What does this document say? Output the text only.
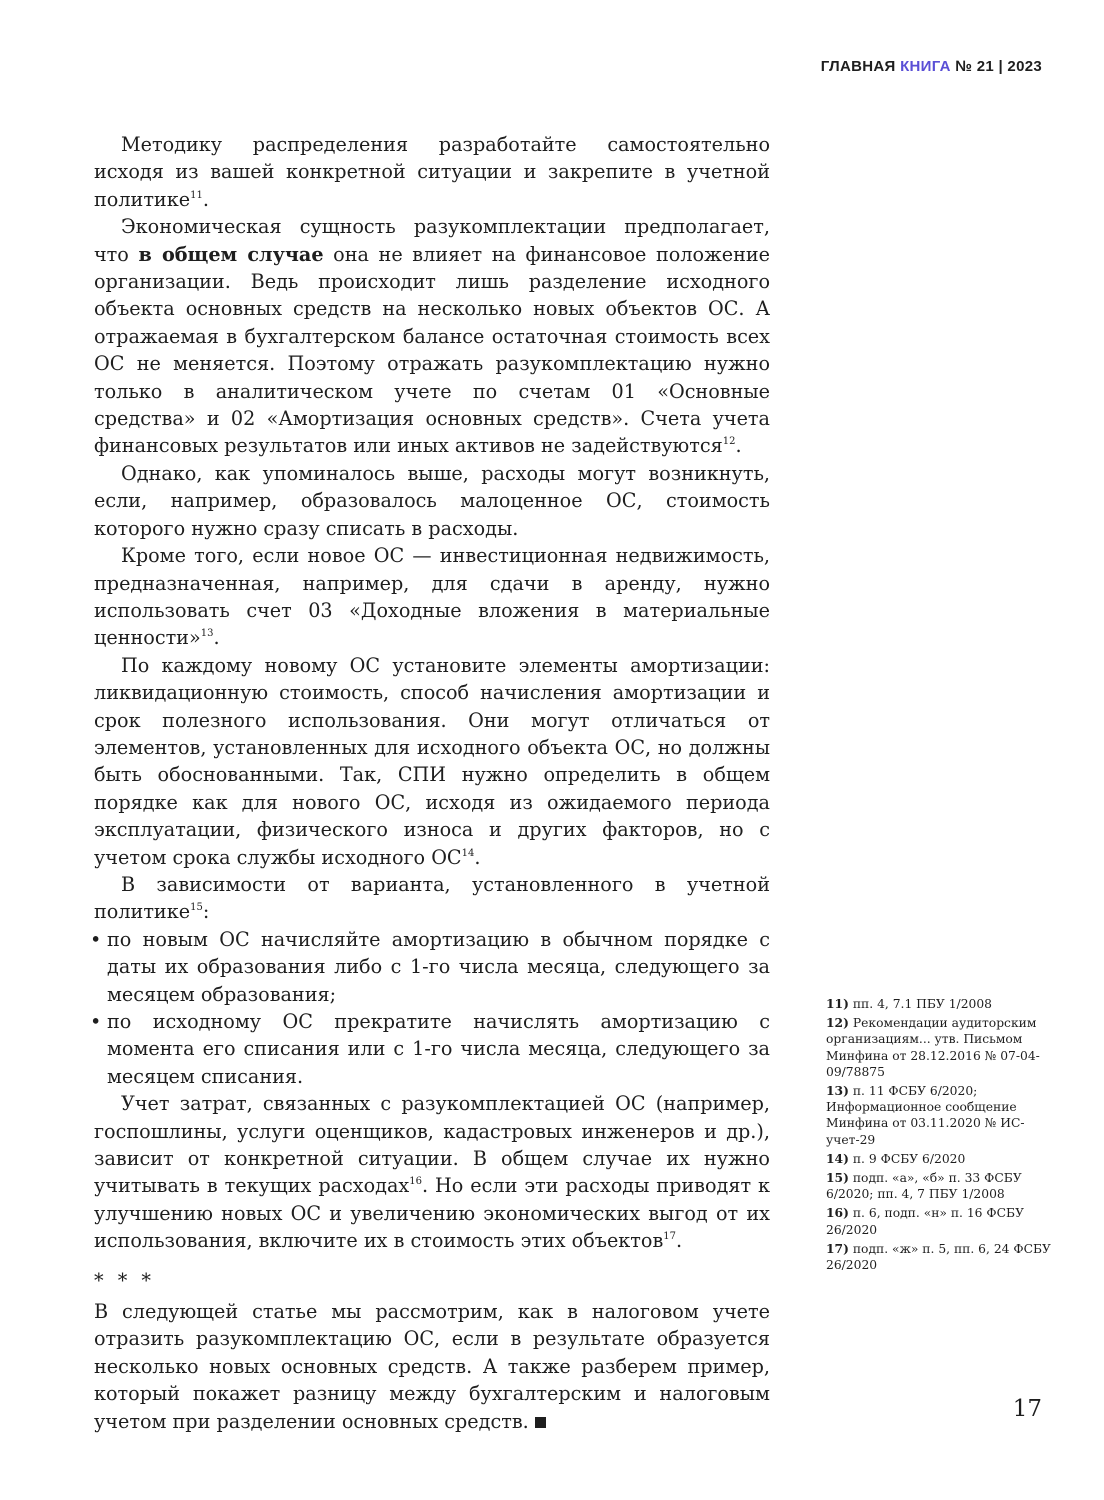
ГЛАВНАЯ КНИГА № 21 | 2023

Методику распределения разработайте самостоятельно исходя из вашей конкретной ситуации и закрепите в учетной политике$^{11}$.

Экономическая сущность разукомплектации предполагает, что в общем случае она не влияет на финансовое положение организации. Ведь происходит лишь разделение исходного объекта основных средств на несколько новых объектов ОС. А отражаемая в бухгалтерском балансе остаточная стоимость всех ОС не меняется. Поэтому отражать разукомплектацию нужно только в аналитическом учете по счетам 01 «Основные средства» и 02 «Амортизация основных средств». Счета учета финансовых результатов или иных активов не задействуются$^{12}$.

Однако, как упоминалось выше, расходы могут возникнуть, если, например, образовалось малоценное ОС, стоимость которого нужно сразу списать в расходы.

Кроме того, если новое ОС — инвестиционная недвижимость, предназначенная, например, для сдачи в аренду, нужно использовать счет 03 «Доходные вложения в материальные ценности»$^{13}$.

По каждому новому ОС установите элементы амортизации: ликвидационную стоимость, способ начисления амортизации и срок полезного использования. Они могут отличаться от элементов, установленных для исходного объекта ОС, но должны быть обоснованными. Так, СПИ нужно определить в общем порядке как для нового ОС, исходя из ожидаемого периода эксплуатации, физического износа и других факторов, но с учетом срока службы исходного ОС$^{14}$.

В зависимости от варианта, установленного в учетной политике$^{15}$:

• по новым ОС начисляйте амортизацию в обычном порядке с даты их образования либо с 1-го числа месяца, следующего за месяцем образования;
• по исходному ОС прекратите начислять амортизацию с момента его списания или с 1-го числа месяца, следующего за месяцем списания.

Учет затрат, связанных с разукомплектацией ОС (например, госпошлины, услуги оценщиков, кадастровых инженеров и др.), зависит от конкретной ситуации. В общем случае их нужно учитывать в текущих расходах$^{16}$. Но если эти расходы приводят к улучшению новых ОС и увеличению экономических выгод от их использования, включите их в стоимость этих объектов$^{17}$.

* * *

В следующей статье мы рассмотрим, как в налоговом учете отразить разукомплектацию ОС, если в результате образуется несколько новых основных средств. А также разберем пример, который покажет разницу между бухгалтерским и налоговым учетом при разделении основных средств.

11) пп. 4, 7.1 ПБУ 1/2008
12) Рекомендации аудиторским организациям... утв. Письмом Минфина от 28.12.2016 № 07-04-09/78875
13) п. 11 ФСБУ 6/2020; Информационное сообщение Минфина от 03.11.2020 № ИС-учет-29
14) п. 9 ФСБУ 6/2020
15) подп. «а», «б» п. 33 ФСБУ 6/2020; пп. 4, 7 ПБУ 1/2008
16) п. 6, подп. «н» п. 16 ФСБУ 26/2020
17) подп. «ж» п. 5, пп. 6, 24 ФСБУ 26/2020
17
